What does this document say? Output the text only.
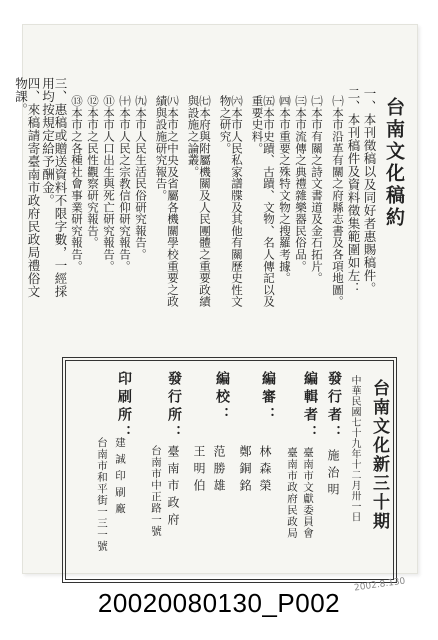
台南文化稿約
一、本刊徵稿以及同好者惠賜稿件。
二、本刊稿件及資料徵集範圍如左：
㈠本市沿革有關之府縣志書及各項地圖。
㈡本市有關之詩文書道及金石拓片。
㈢本市流傳之典禮雜樂器民俗品。
㈣本市重要之殊特文物之搜羅考據。
㈤本市史蹟、古蹟、文物、名人傳記以及重要史料。
㈥本市人民私家譜牒及其他有關歷史性文物之研究。
㈦本府與附屬機關及人民團體之重要政績與設施之論叢。
㈧本市之中央及省屬各機關學校重要之政績與設施研究報告。
㈨本市人民生活民俗研究報告。
㈩本市人民之宗教信仰研究報告。
⑪本市人口出生與死亡研究報告。
⑫本市之民性觀察研究報告。
⑬本市之各種社會事業研究報告。
三、惠稿或贈送資料不限字數，一經採用均按規定給予酬金。
四、來稿請寄臺南市政府民政局禮俗文物課。
台南文化新三十期
中華民國七十九年十二月卅一日
發行者：
施治明
編輯者：
臺南市文獻委員會
臺南市政府民政局
編審：
林森榮
鄭銅銘
編校：
范勝雄
王明伯
發行所：
臺南市政府
台南市中正路一號
印刷所：
建誠印刷廠
台南市和平街一三一號
2002.8.130
20020080130_P002
